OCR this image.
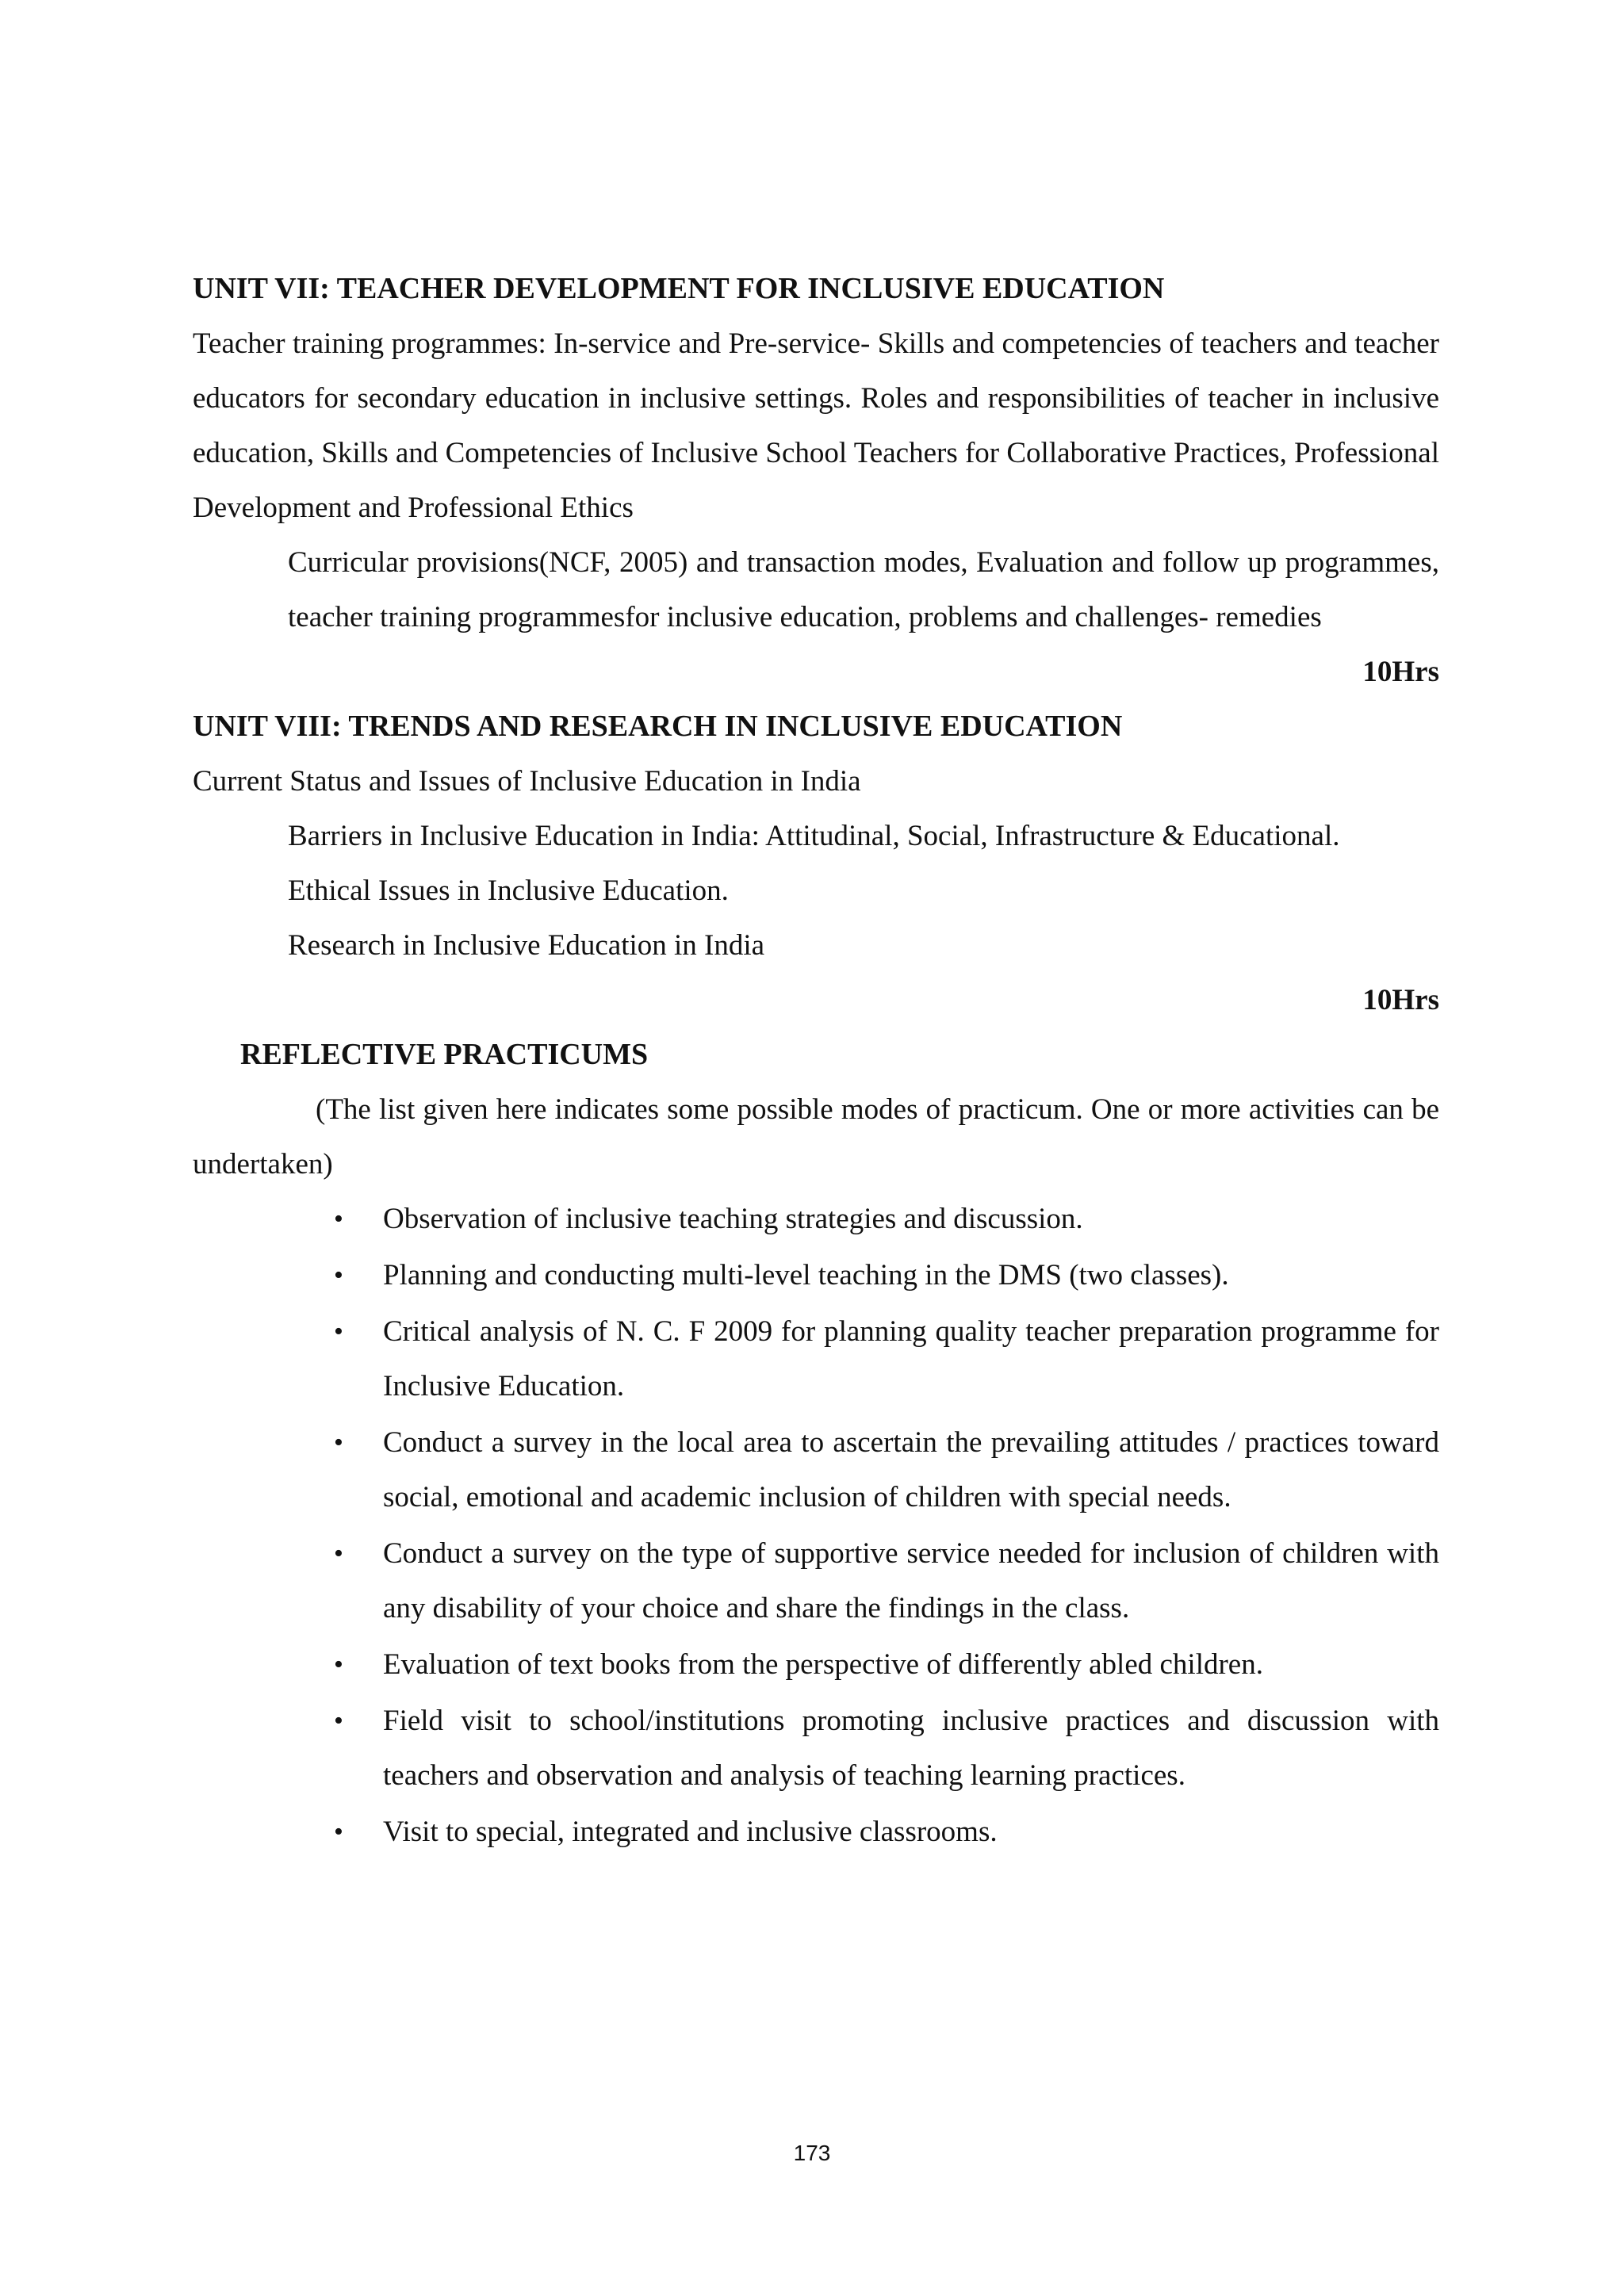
UNIT VII: TEACHER DEVELOPMENT FOR INCLUSIVE EDUCATION

Teacher training programmes: In-service and Pre-service- Skills and competencies of teachers and teacher educators for secondary education in inclusive settings. Roles and responsibilities of teacher in inclusive education, Skills and Competencies of Inclusive School Teachers for Collaborative Practices, Professional Development and Professional Ethics

Curricular provisions(NCF, 2005) and transaction modes, Evaluation and follow up programmes, teacher training programmesfor inclusive education, problems and challenges- remedies

10Hrs
UNIT VIII: TRENDS AND RESEARCH IN INCLUSIVE EDUCATION
Current Status and Issues of Inclusive Education in India
Barriers in Inclusive Education in India: Attitudinal, Social, Infrastructure & Educational.
Ethical Issues in Inclusive Education.
Research in Inclusive Education in India
10Hrs
REFLECTIVE PRACTICUMS

(The list given here indicates some possible modes of practicum. One or more activities can be undertaken)

• Observation of inclusive teaching strategies and discussion.
• Planning and conducting multi-level teaching in the DMS (two classes).
• Critical analysis of N. C. F 2009 for planning quality teacher preparation programme for Inclusive Education.
• Conduct a survey in the local area to ascertain the prevailing attitudes / practices toward social, emotional and academic inclusion of children with special needs.
• Conduct a survey on the type of supportive service needed for inclusion of children with any disability of your choice and share the findings in the class.
• Evaluation of text books from the perspective of differently abled children.
• Field visit to school/institutions promoting inclusive practices and discussion with teachers and observation and analysis of teaching learning practices.
• Visit to special, integrated and inclusive classrooms.
173
